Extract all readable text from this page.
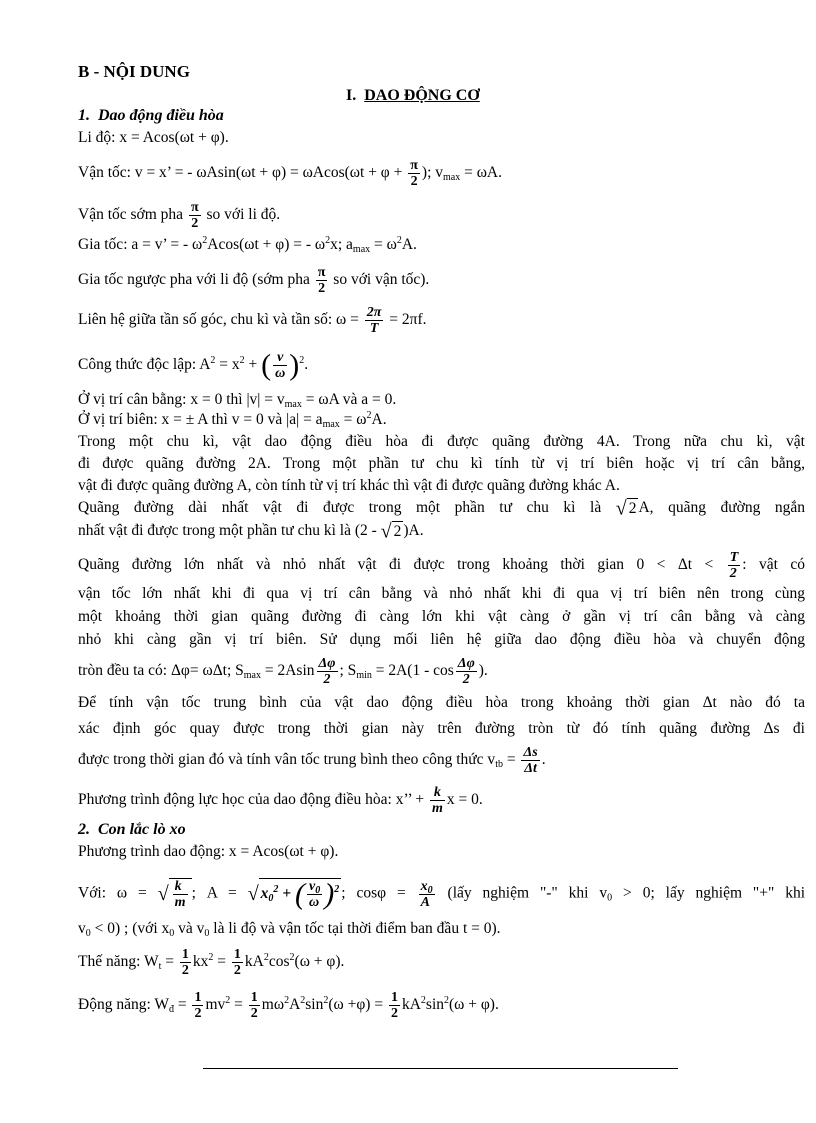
B - NỘI DUNG
I. DAO ĐỘNG CƠ
1. Dao động điều hòa
Li độ: x = Acos(ωt + φ).
Vận tốc: v = x’ = - $\omega Asin(\omega t + \varphi) = \omega Acos(\omega t + \varphi + \frac{\pi}{2}$ ); $v_{max} = \omega A$.
Vận tốc sớm pha $\frac{\pi}{2}$ so với li độ.
Gia tốc: a = v’ = - $\omega^2Acos(\omega t + \varphi)$ = - $\omega^2x$; $a_{max} = \omega^2A$.
Gia tốc ngược pha với li độ (sớm pha $\frac{\pi}{2}$ so với vận tốc).
Liên hệ giữa tần số góc, chu kì và tần số: $\omega = \frac{2\pi}{T} = 2\pi f$.
Công thức độc lập: $A^2 = x^2$ + ( $\frac{v}{\omega} )^2$.
Ở vị trí cân bằng: x = 0 thì $|v| = v_{max} = \omega A$ và a = 0.
Ở vị trí biên: x = ± A thì v = 0 và $|a| = a_{max} = \omega^2A$.
Trong một chu kì, vật dao động điều hòa đi được quãng đường 4A. Trong nữa chu kì, vật
đi được quãng đường 2A. Trong một phần tư chu kì tính từ vị trí biên hoặc vị trí cân bằng,
vật đi được quãng đường A, còn tính từ vị trí khác thì vật đi được quãng đường khác A.
Quãng đường dài nhất vật đi được trong một phần tư chu kì là √ 2 A, quãng đường ngắn
nhất vật đi được trong một phần tư chu kì là (2 - √ 2 )A.
Quãng đường lớn nhất và nhỏ nhất vật đi được trong khoảng thời gian $0 < \Delta t < \frac{T}{2}$ : vật có
vận tốc lớn nhất khi đi qua vị trí cân bằng và nhỏ nhất khi đi qua vị trí biên nên trong cùng
một khoảng thời gian quãng đường đi càng lớn khi vật càng ở gần vị trí cân bằng và càng
nhỏ khi càng gần vị trí biên. Sử dụng mối liên hệ giữa dao động điều hòa và chuyển động
tròn đều ta có: Δφ= ωΔt; $S_{max} = 2Asin \frac{\Delta\varphi}{2}$ ; $S_{min} = 2A(1 - \cos \frac{\Delta\varphi}{2}$ ).
Để tính vận tốc trung bình của vật dao động điều hòa trong khoảng thời gian Δt nào đó ta
xác định góc quay được trong thời gian này trên đường tròn từ đó tính quãng đường Δs đi
được trong thời gian đó và tính vân tốc trung bình theo công thức $v_{tb} = \frac{\Delta s}{\Delta t}$ .
Phương trình động lực học của dao động điều hòa: x’’ + $\frac{k}{m}$ x = 0.
2. Con lắc lò xo
Phương trình dao động: x = Acos(ωt + φ).
Với: ω = √ $\frac{k}{m}$ ; A = √ $x_0^2$ + ( $\frac{v_0}{\omega} )^2$ ; $\cos\varphi = \frac{x_0}{A}$ (lấy nghiệm "-" khi $v_0 > 0$; lấy nghiệm "+" khi
$v_0 < 0$) ; (với $x_0$ và $v_0$ là li độ và vận tốc tại thời điểm ban đầu t = 0).
Thế năng: $W_t = \frac{1}{2} kx^2 = \frac{1}{2} kA^2\cos^2(\omega + \varphi)$.
Động năng: $W_đ = \frac{1}{2} mv^2 = \frac{1}{2} m\omega^2A^2\sin^2(\omega +\varphi) = \frac{1}{2} kA^2\sin^2(\omega + \varphi)$.
